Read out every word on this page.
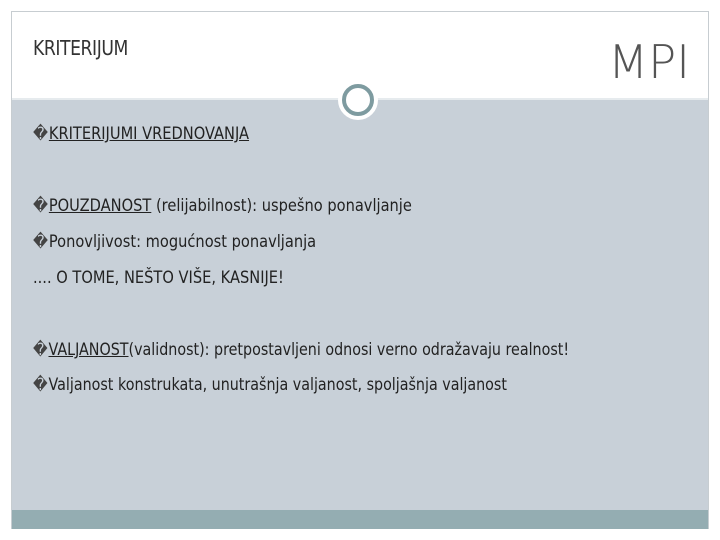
KRITERIJUM	MPI
�KRITERIJUMI VREDNOVANJA
�POUZDANOST (relijabilnost): uspešno ponavljanje
�Ponovljivost: mogućnost ponavljanja
.... O TOME, NEŠTO VIŠE, KASNIJE!
�VALJANOST(validnost): pretpostavljeni odnosi verno odražavaju realnost!
�Valjanost konstrukata, unutrašnja valjanost, spoljašnja valjanost
